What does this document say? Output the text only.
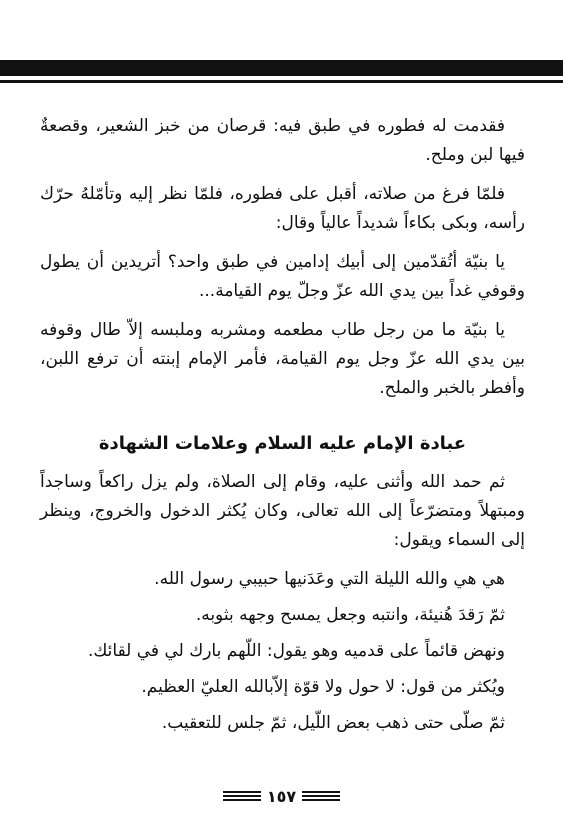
فقدمت له فطوره في طبق فيه: قرصان من خبز الشعير، وقصعةٌ فيها لبن وملح.

فلمّا فرغ من صلاته، أقبل على فطوره، فلمّا نظر إليه وتأمّلهُ حرّك رأسه، وبكى بكاءاً شديداً عالياً وقال:

يا بنيّة أتُقدّمين إلى أبيك إدامين في طبق واحد؟ أتريدين أن يطول وقوفي غداً بين يدي الله عزّ وجلّ يوم القيامة...

يا بنيّة ما من رجل طاب مطعمه ومشربه وملبسه إلاّ طال وقوفه بين يدي الله عزّ وجل يوم القيامة، فأمر الإمام إبنته أن ترفع اللبن، وأفطر بالخبر والملح.

عبادة الإمام عليه السلام وعلامات الشهادة

ثم حمد الله وأثنى عليه، وقام إلى الصلاة، ولم يزل راكعاً وساجداً ومبتهلاً ومتضرّعاً إلى الله تعالى، وكان يُكثر الدخول والخروج، وينظر إلى السماء ويقول:

هي هي والله الليلة التي وعَدَنيها حبيبي رسول الله.

ثمّ رَقدَ هُنيئة، وانتبه وجعل يمسح وجهه بثوبه.

ونهض قائماً على قدميه وهو يقول: اللّهم بارك لي في لقائك.

ويُكثر من قول: لا حول ولا قوّة إلاّبالله العليّ العظيم.

ثمّ صلّى حتى ذهب بعض اللّيل، ثمّ جلس للتعقيب.

١٥٧
